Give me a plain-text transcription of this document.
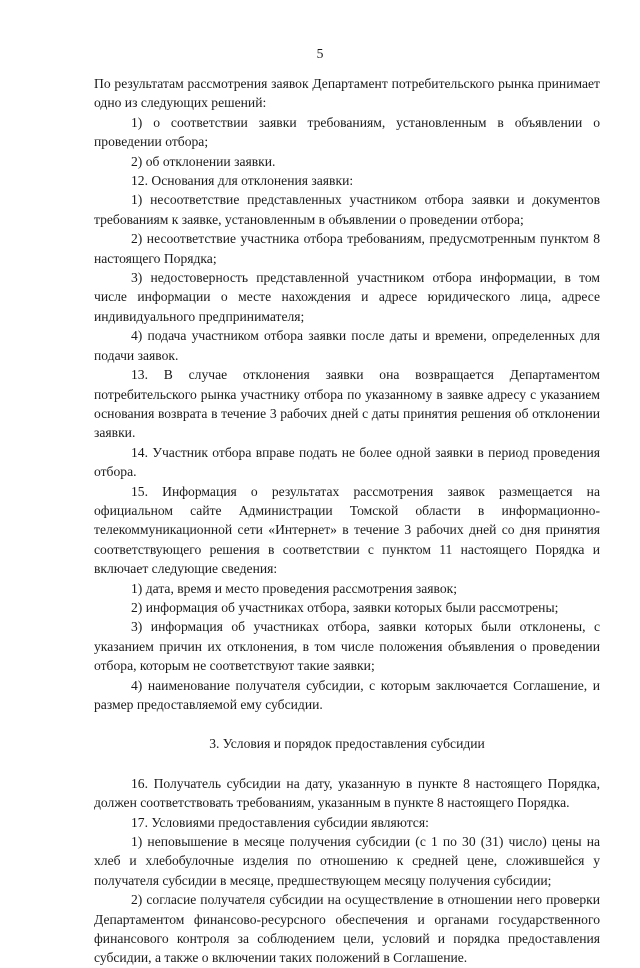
5

По результатам рассмотрения заявок Департамент потребительского рынка принимает одно из следующих решений:

1) о соответствии заявки требованиям, установленным в объявлении о проведении отбора;

2) об отклонении заявки.

12. Основания для отклонения заявки:

1) несоответствие представленных участником отбора заявки и документов требованиям к заявке, установленным в объявлении о проведении отбора;

2) несоответствие участника отбора требованиям, предусмотренным пунктом 8 настоящего Порядка;

3) недостоверность представленной участником отбора информации, в том числе информации о месте нахождения и адресе юридического лица, адресе индивидуального предпринимателя;

4) подача участником отбора заявки после даты и времени, определенных для подачи заявок.

13. В случае отклонения заявки она возвращается Департаментом потребительского рынка участнику отбора по указанному в заявке адресу с указанием основания возврата в течение 3 рабочих дней с даты принятия решения об отклонении заявки.

14. Участник отбора вправе подать не более одной заявки в период проведения отбора.

15. Информация о результатах рассмотрения заявок размещается на официальном сайте Администрации Томской области в информационно-телекоммуникационной сети «Интернет» в течение 3 рабочих дней со дня принятия соответствующего решения в соответствии с пунктом 11 настоящего Порядка и включает следующие сведения:

1) дата, время и место проведения рассмотрения заявок;

2) информация об участниках отбора, заявки которых были рассмотрены;

3) информация об участниках отбора, заявки которых были отклонены, с указанием причин их отклонения, в том числе положения объявления о проведении отбора, которым не соответствуют такие заявки;

4) наименование получателя субсидии, с которым заключается Соглашение, и размер предоставляемой ему субсидии.

3. Условия и порядок предоставления субсидии

16. Получатель субсидии на дату, указанную в пункте 8 настоящего Порядка, должен соответствовать требованиям, указанным в пункте 8 настоящего Порядка.

17. Условиями предоставления субсидии являются:

1) неповышение в месяце получения субсидии (с 1 по 30 (31) число) цены на хлеб и хлебобулочные изделия по отношению к средней цене, сложившейся у получателя субсидии в месяце, предшествующем месяцу получения субсидии;

2) согласие получателя субсидии на осуществление в отношении него проверки Департаментом финансово-ресурсного обеспечения и органами государственного финансового контроля за соблюдением цели, условий и порядка предоставления субсидии, а также о включении таких положений в Соглашение.
